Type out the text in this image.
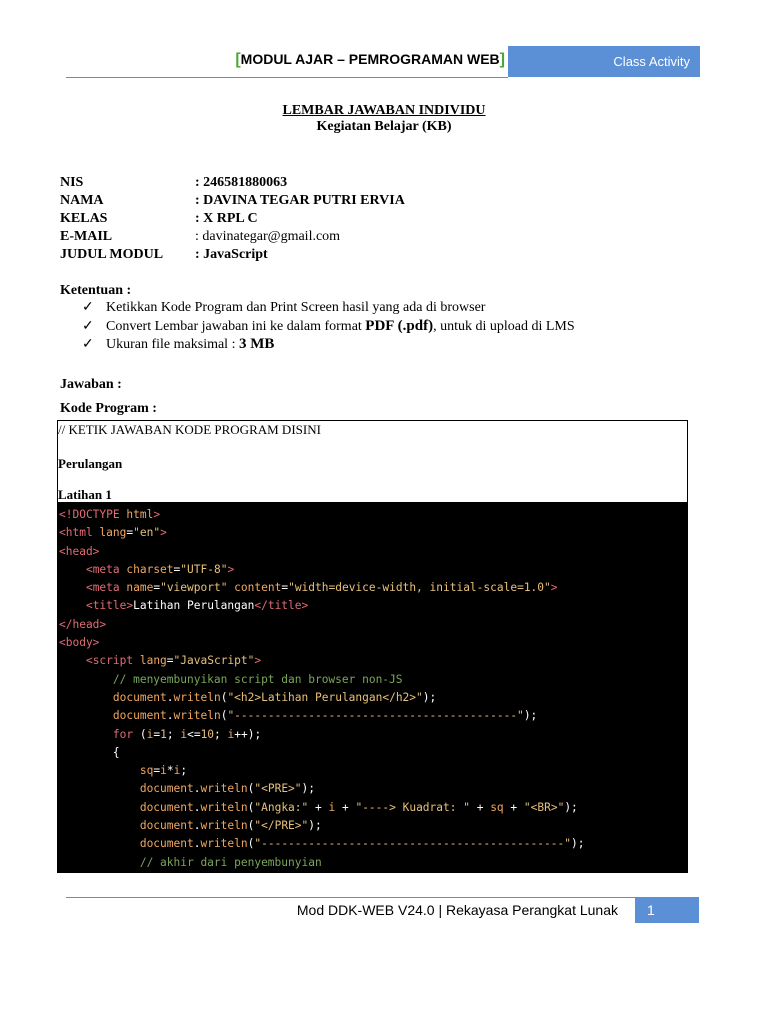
[MODUL AJAR – PEMROGRAMAN WEB]	Class Activity
LEMBAR JAWABAN INDIVIDU
Kegiatan Belajar (KB)
NIS	: 246581880063
NAMA	: DAVINA TEGAR PUTRI ERVIA
KELAS	: X RPL C
E-MAIL	: davinategar@gmail.com
JUDUL MODUL : JavaScript
Ketentuan :
✓ Ketikkan Kode Program dan Print Screen hasil yang ada di browser
✓ Convert Lembar jawaban ini ke dalam format PDF (.pdf), untuk di upload di LMS
✓ Ukuran file maksimal : 3 MB
Jawaban :
Kode Program :
// KETIK JAWABAN KODE PROGRAM DISINI
Perulangan
Latihan 1
<!DOCTYPE html>
<html lang="en">
<head>
<meta charset="UTF-8">
<meta name="viewport" content="width=device-width, initial-scale=1.0">
<title>Latihan Perulangan</title>
</head>
<body>
<script lang="JavaScript">
// menyembunyikan script dan browser non-JS
document.writeln("<h2>Latihan Perulangan</h2>");
document.writeln("------------------------------------------");
for (i=1; i<=10; i++);
{
sq=i*i;
document.writeln("<PRE>");
document.writeln("Angka:" + i + "----> Kuadrat: " + sq + "<BR>");
document.writeln("</PRE>");
document.writeln("---------------------------------------------");
// akhir dari penyembunyian
Mod DDK-WEB V24.0 | Rekayasa Perangkat Lunak	1
